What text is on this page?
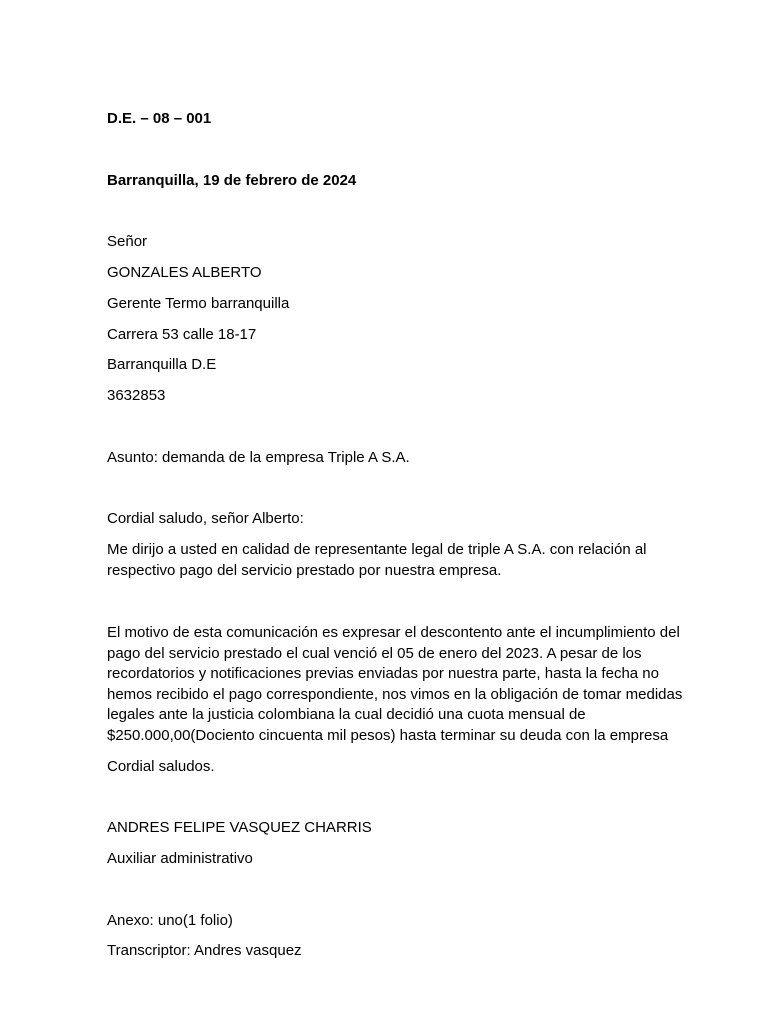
D.E. – 08 – 001
Barranquilla, 19 de febrero de 2024
Señor
GONZALES ALBERTO
Gerente Termo barranquilla
Carrera 53 calle 18-17
Barranquilla D.E
3632853
Asunto: demanda de la empresa Triple A S.A.
Cordial saludo, señor Alberto:
Me dirijo a usted en calidad de representante legal de triple A S.A. con relación al respectivo pago del servicio prestado por nuestra empresa.
El motivo de esta comunicación es expresar el descontento ante el incumplimiento del pago del servicio prestado el cual venció el 05 de enero del 2023. A pesar de los recordatorios y notificaciones previas enviadas por nuestra parte, hasta la fecha no hemos recibido el pago correspondiente, nos vimos en la obligación de tomar medidas legales ante la justicia colombiana la cual decidió una cuota mensual de $250.000,00(Dociento cincuenta mil pesos) hasta terminar su deuda con la empresa
Cordial saludos.
ANDRES FELIPE VASQUEZ CHARRIS
Auxiliar administrativo
Anexo: uno(1 folio)
Transcriptor: Andres vasquez
